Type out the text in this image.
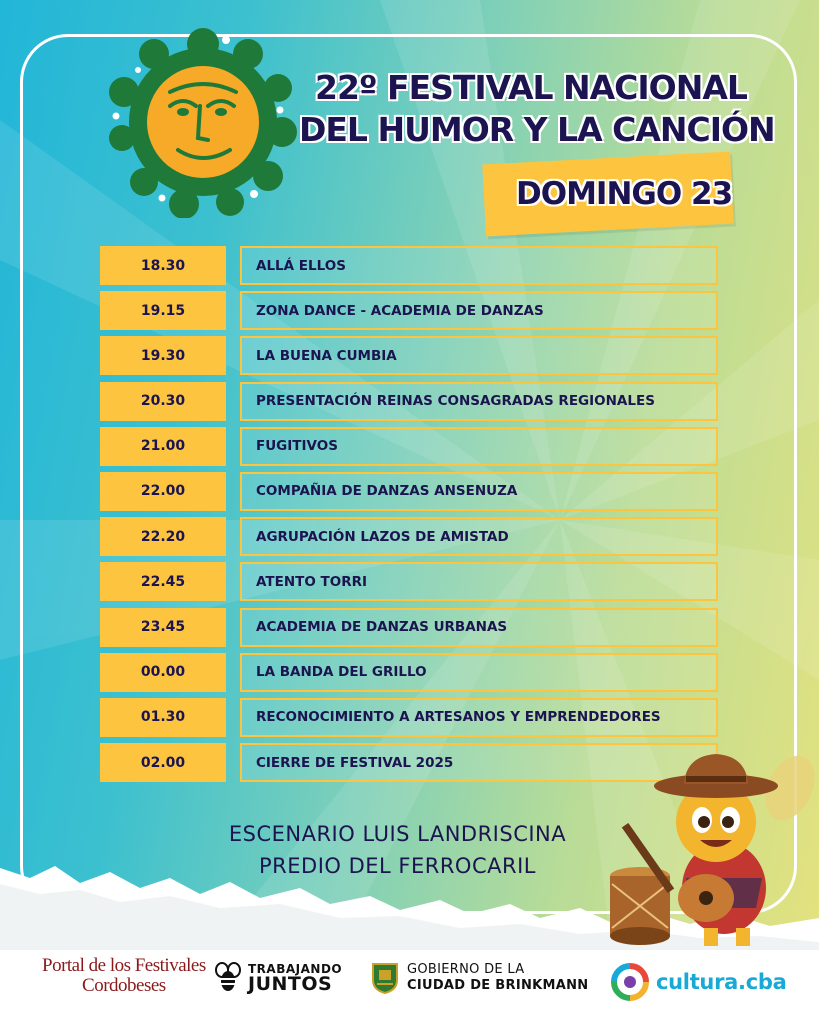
22º FESTIVAL NACIONAL
DEL HUMOR Y LA CANCIÓN
DOMINGO 23
18.30	ALLÁ ELLOS
19.15	ZONA DANCE - ACADEMIA DE DANZAS
19.30	LA BUENA CUMBIA
20.30	PRESENTACIÓN REINAS CONSAGRADAS REGIONALES
21.00	FUGITIVOS
22.00	COMPAÑIA DE DANZAS ANSENUZA
22.20	AGRUPACIÓN LAZOS DE AMISTAD
22.45	ATENTO TORRI
23.45	ACADEMIA DE DANZAS URBANAS
00.00	LA BANDA DEL GRILLO
01.30	RECONOCIMIENTO A ARTESANOS Y EMPRENDEDORES
02.00	CIERRE DE FESTIVAL 2025
ESCENARIO LUIS LANDRISCINA
PREDIO DEL FERROCARIL
Portal de los Festivales
Cordobeses
TRABAJANDO
JUNTOS
GOBIERNO DE LA
CIUDAD DE BRINKMANN	cultura.cba
